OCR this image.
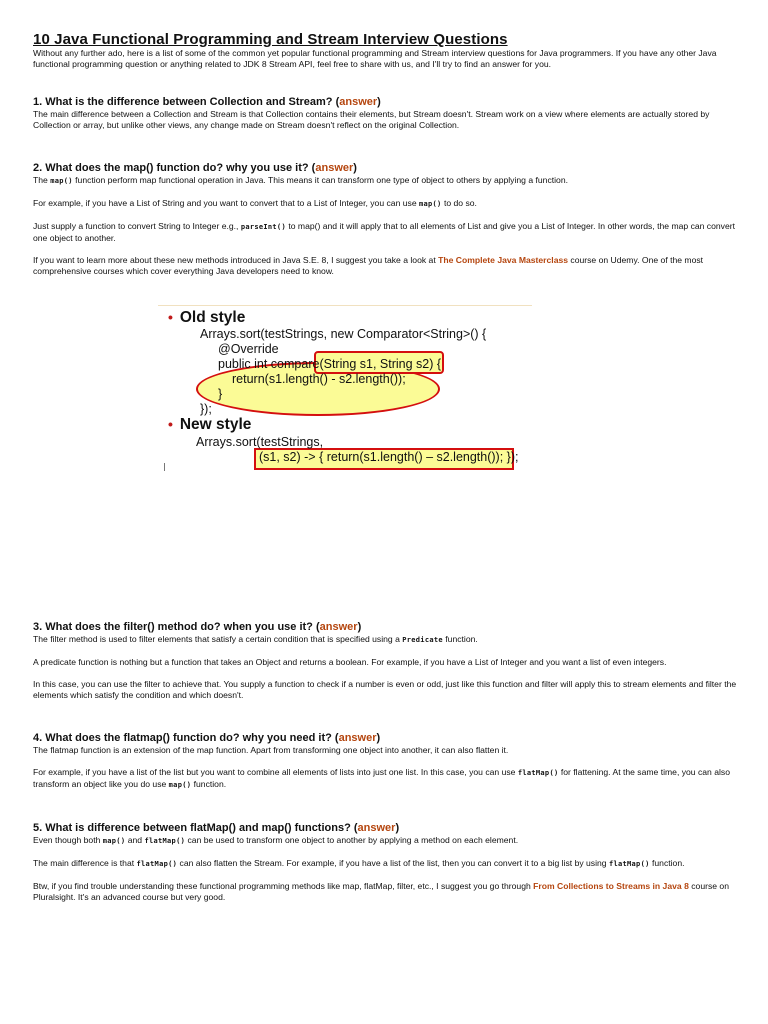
10 Java Functional Programming and Stream Interview Questions

Without any further ado, here is a list of some of the common yet popular functional programming and Stream interview questions for Java programmers. If you have any other Java functional programming question or anything related to JDK 8 Stream API, feel free to share with us, and I'll try to find an answer for you.

1. What is the difference between Collection and Stream? (answer)

The main difference between a Collection and Stream is that Collection contains their elements, but Stream doesn't. Stream work on a view where elements are actually stored by Collection or array, but unlike other views, any change made on Stream doesn't reflect on the original Collection.

2. What does the map() function do? why you use it? (answer)

The map() function perform map functional operation in Java. This means it can transform one type of object to others by applying a function.

For example, if you have a List of String and you want to convert that to a List of Integer, you can use map() to do so.

Just supply a function to convert String to Integer e.g., parseInt() to map() and it will apply that to all elements of List and give you a List of Integer. In other words, the map can convert one object to another.

If you want to learn more about these new methods introduced in Java S.E. 8, I suggest you take a look at The Complete Java Masterclass course on Udemy. One of the most comprehensive courses which cover everything Java developers need to know.

• Old style
Arrays.sort(testStrings, new Comparator<String>() {
@Override
public int compare(String s1, String s2) {
return(s1.length() - s2.length());
}
});
• New style
Arrays.sort(testStrings,
(s1, s2) -> { return(s1.length() – s2.length()); });
3. What does the filter() method do? when you use it? (answer)

The filter method is used to filter elements that satisfy a certain condition that is specified using a Predicate function.

A predicate function is nothing but a function that takes an Object and returns a boolean. For example, if you have a List of Integer and you want a list of even integers.

In this case, you can use the filter to achieve that. You supply a function to check if a number is even or odd, just like this function and filter will apply this to stream elements and filter the elements which satisfy the condition and which doesn't.

4. What does the flatmap() function do? why you need it? (answer)

The flatmap function is an extension of the map function. Apart from transforming one object into another, it can also flatten it.

For example, if you have a list of the list but you want to combine all elements of lists into just one list. In this case, you can use flatMap() for flattening. At the same time, you can also transform an object like you do use map() function.

5. What is difference between flatMap() and map() functions? (answer)

Even though both map() and flatMap() can be used to transform one object to another by applying a method on each element.

The main difference is that flatMap() can also flatten the Stream. For example, if you have a list of the list, then you can convert it to a big list by using flatMap() function.

Btw, if you find trouble understanding these functional programming methods like map, flatMap, filter, etc., I suggest you go through From Collections to Streams in Java 8 course on Pluralsight. It's an advanced course but very good.
